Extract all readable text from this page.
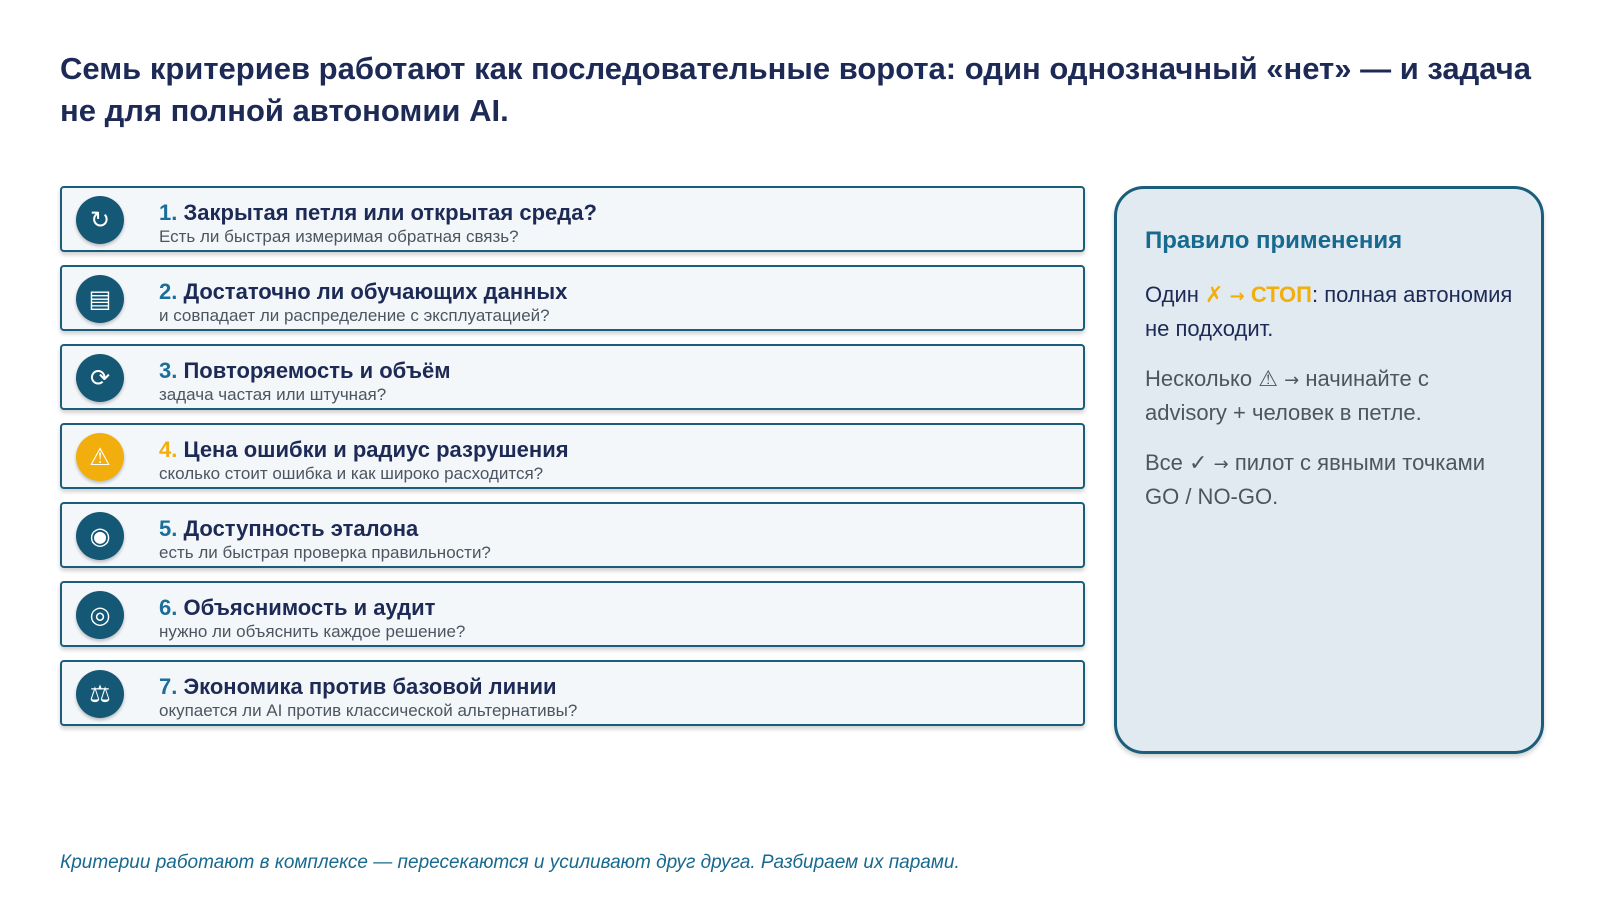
Семь критериев работают как последовательные ворота: один однозначный «нет» — и задача не для полной автономии AI.
↻	1. Закрытая петля или открытая среда?
Есть ли быстрая измеримая обратная связь?
▤	2. Достаточно ли обучающих данных
и совпадает ли распределение с эксплуатацией?
⟳	3. Повторяемость и объём
задача частая или штучная?
⚠	4. Цена ошибки и радиус разрушения
сколько стоит ошибка и как широко расходится?
◉	5. Доступность эталона
есть ли быстрая проверка правильности?
◎	6. Объяснимость и аудит
нужно ли объяснить каждое решение?
⚖	7. Экономика против базовой линии
окупается ли AI против классической альтернативы?
Правило применения

Один ✗ → СТОП: полная автономия не подходит.

Несколько ⚠ → начинайте с advisory + человек в петле.

Все ✓ → пилот с явными точками GO / NO-GO.

Критерии работают в комплексе — пересекаются и усиливают друг друга. Разбираем их парами.
